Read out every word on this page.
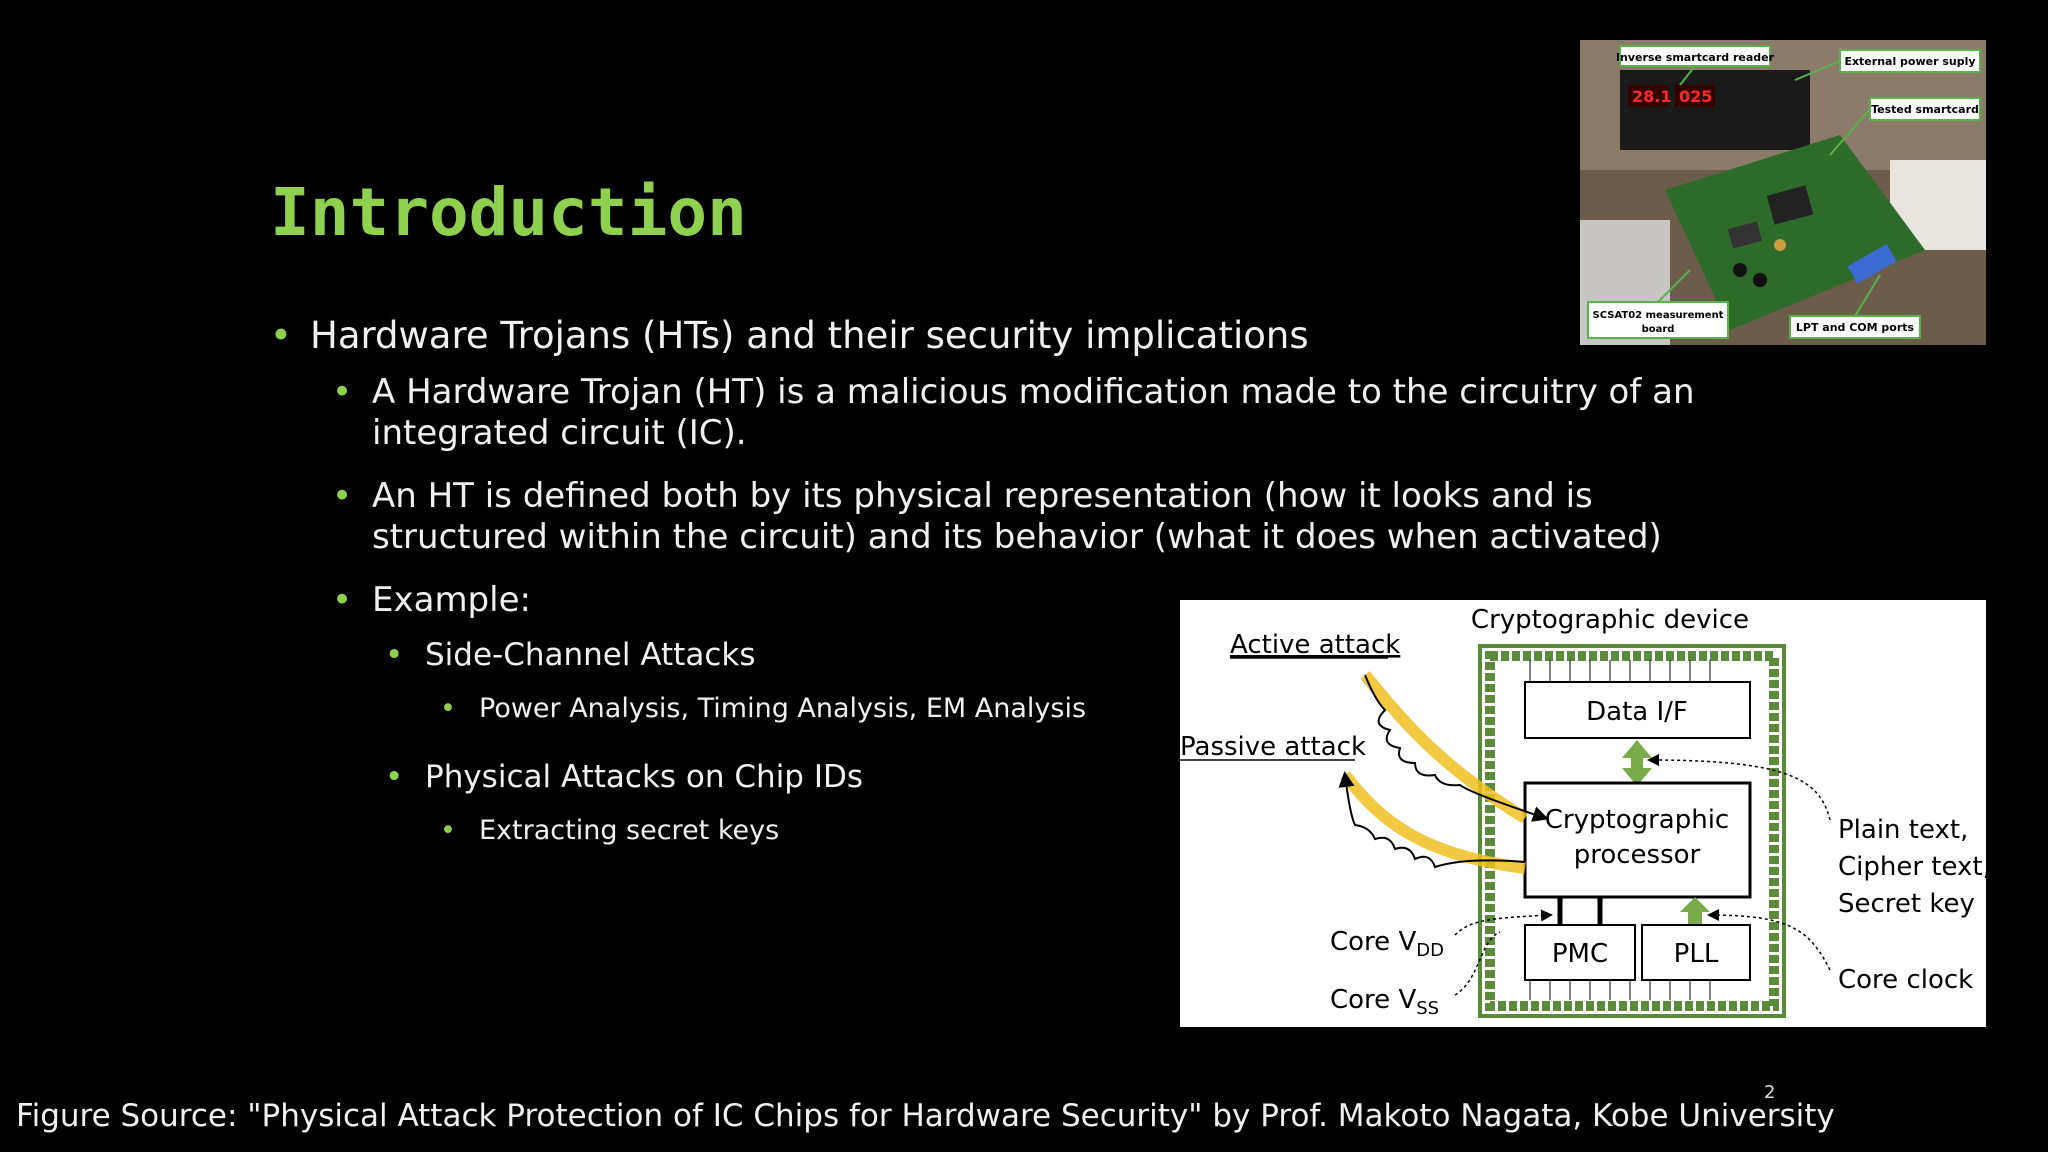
Introduction
• Hardware Trojans (HTs) and their security implications
• A Hardware Trojan (HT) is a malicious modification made to the circuitry of an integrated circuit (IC).
• An HT is defined both by its physical representation (how it looks and is structured within the circuit) and its behavior (what it does when activated)
• Example:
• Side-Channel Attacks
• Power Analysis, Timing Analysis, EM Analysis
• Physical Attacks on Chip IDs
• Extracting secret keys
28.1 025
Inverse smartcard reader	External power suply
Tested smartcard
SCSAT02 measurement
board	LPT and COM ports
Cryptographic device
Data I/F
Cryptographic
processor
PMC	PLL
Active attack
Passive attack
Plain text,
Cipher text,
Secret key
Core clock
Core $V_{DD}$
Core $V_{SS}$
2
Figure Source: "Physical Attack Protection of IC Chips for Hardware Security" by Prof. Makoto Nagata, Kobe University
